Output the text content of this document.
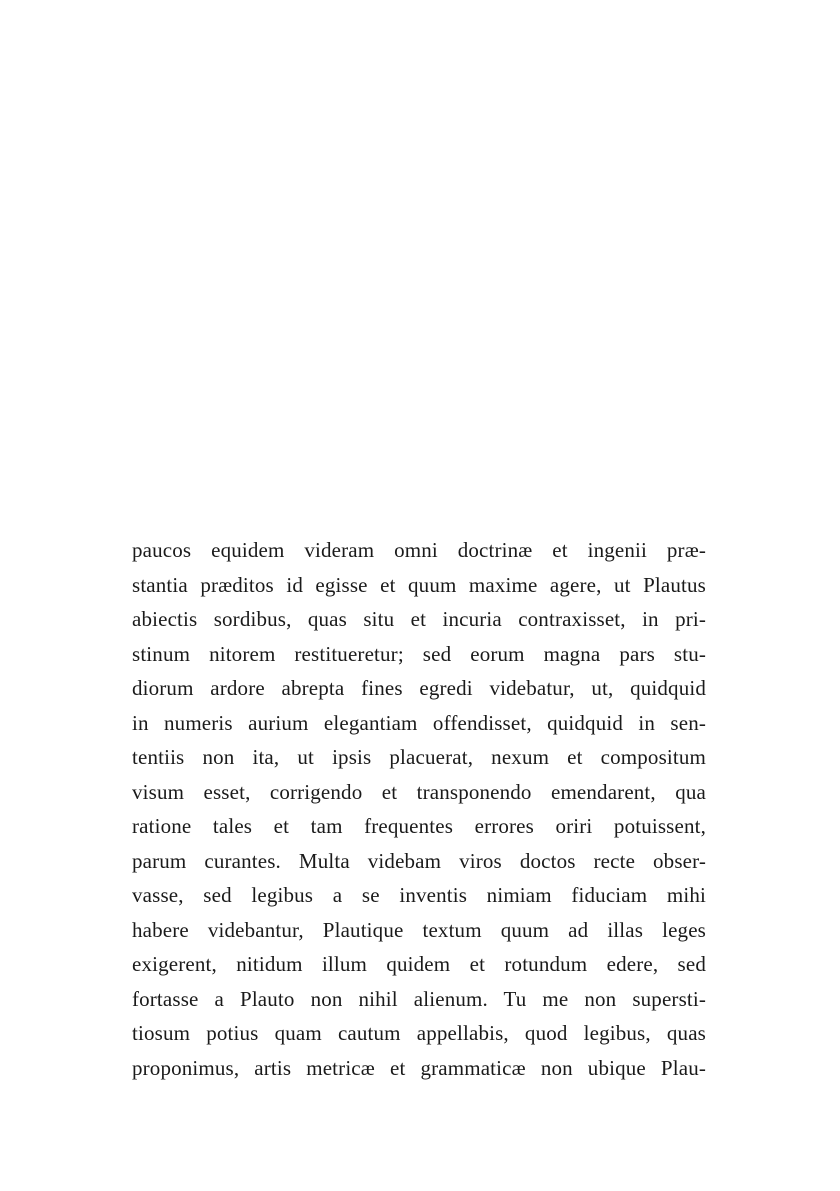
paucos equidem videram omni doctrinæ et ingenii præ-
stantia præditos id egisse et quum maxime agere, ut Plautus
abiectis sordibus, quas situ et incuria contraxisset, in pri-
stinum nitorem restitueretur; sed eorum magna pars stu-
diorum ardore abrepta fines egredi videbatur, ut, quidquid
in numeris aurium elegantiam offendisset, quidquid in sen-
tentiis non ita, ut ipsis placuerat, nexum et compositum
visum esset, corrigendo et transponendo emendarent, qua
ratione tales et tam frequentes errores oriri potuissent,
parum curantes. Multa videbam viros doctos recte obser-
vasse, sed legibus a se inventis nimiam fiduciam mihi
habere videbantur, Plautique textum quum ad illas leges
exigerent, nitidum illum quidem et rotundum edere, sed
fortasse a Plauto non nihil alienum. Tu me non supersti-
tiosum potius quam cautum appellabis, quod legibus, quas
proponimus, artis metricæ et grammaticæ non ubique Plau-
